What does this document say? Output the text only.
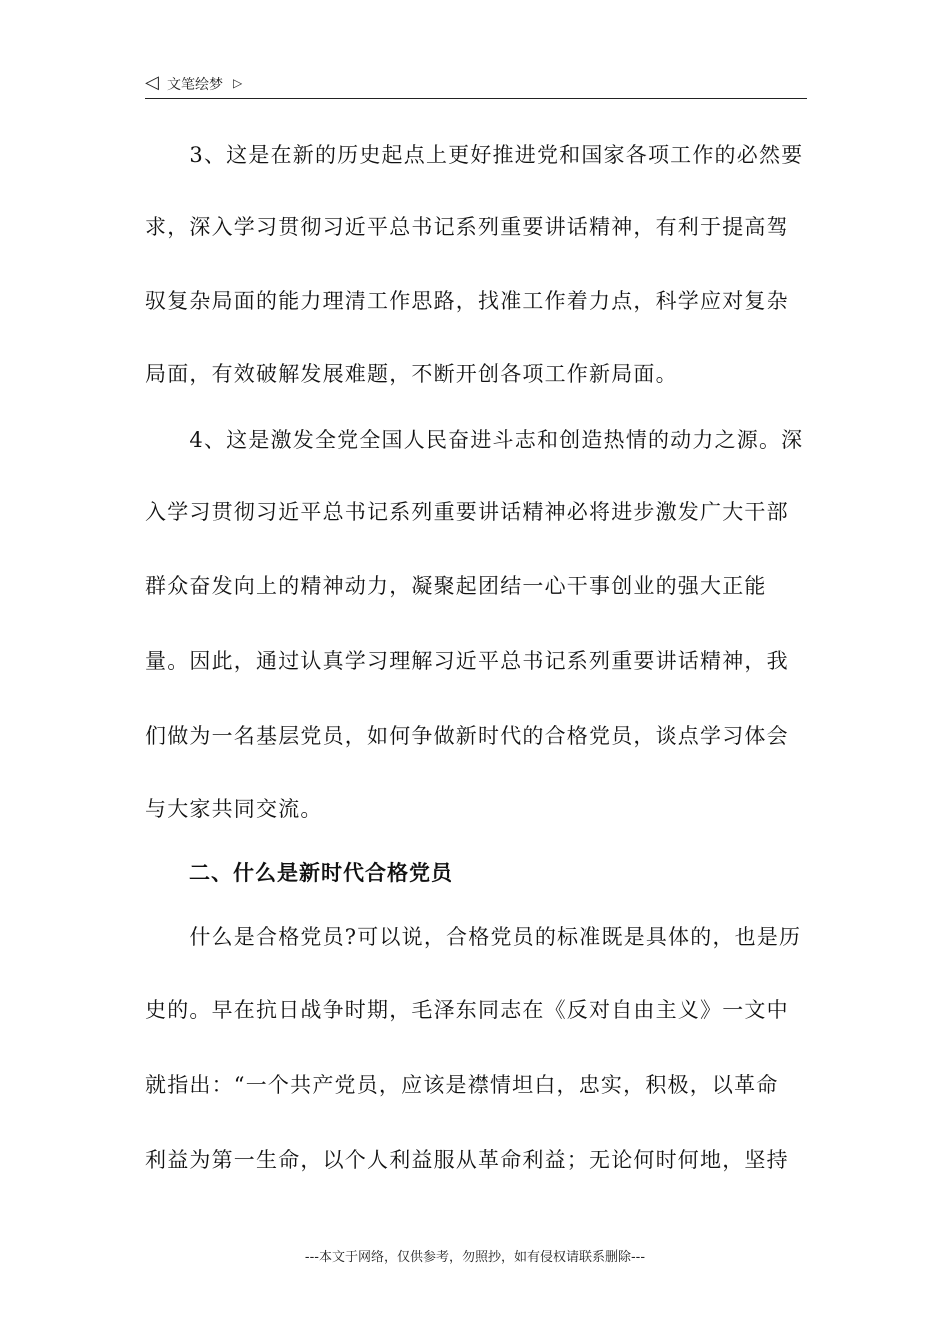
◁ 文笔绘梦 ▷
　　3、这是在新的历史起点上更好推进党和国家各项工作的必然要
求，深入学习贯彻习近平总书记系列重要讲话精神，有利于提高驾
驭复杂局面的能力理清工作思路，找准工作着力点，科学应对复杂
局面，有效破解发展难题，不断开创各项工作新局面。
　　4、这是激发全党全国人民奋进斗志和创造热情的动力之源。深
入学习贯彻习近平总书记系列重要讲话精神必将进步激发广大干部
群众奋发向上的精神动力，凝聚起团结一心干事创业的强大正能
量。因此，通过认真学习理解习近平总书记系列重要讲话精神，我
们做为一名基层党员，如何争做新时代的合格党员，谈点学习体会
与大家共同交流。
　　二、什么是新时代合格党员
　　什么是合格党员?可以说，合格党员的标准既是具体的，也是历
史的。早在抗日战争时期，毛泽东同志在《反对自由主义》一文中
就指出：“一个共产党员，应该是襟情坦白，忠实，积极，以革命
利益为第一生命，以个人利益服从革命利益；无论何时何地，坚持
---本文于网络，仅供参考，勿照抄，如有侵权请联系删除---
